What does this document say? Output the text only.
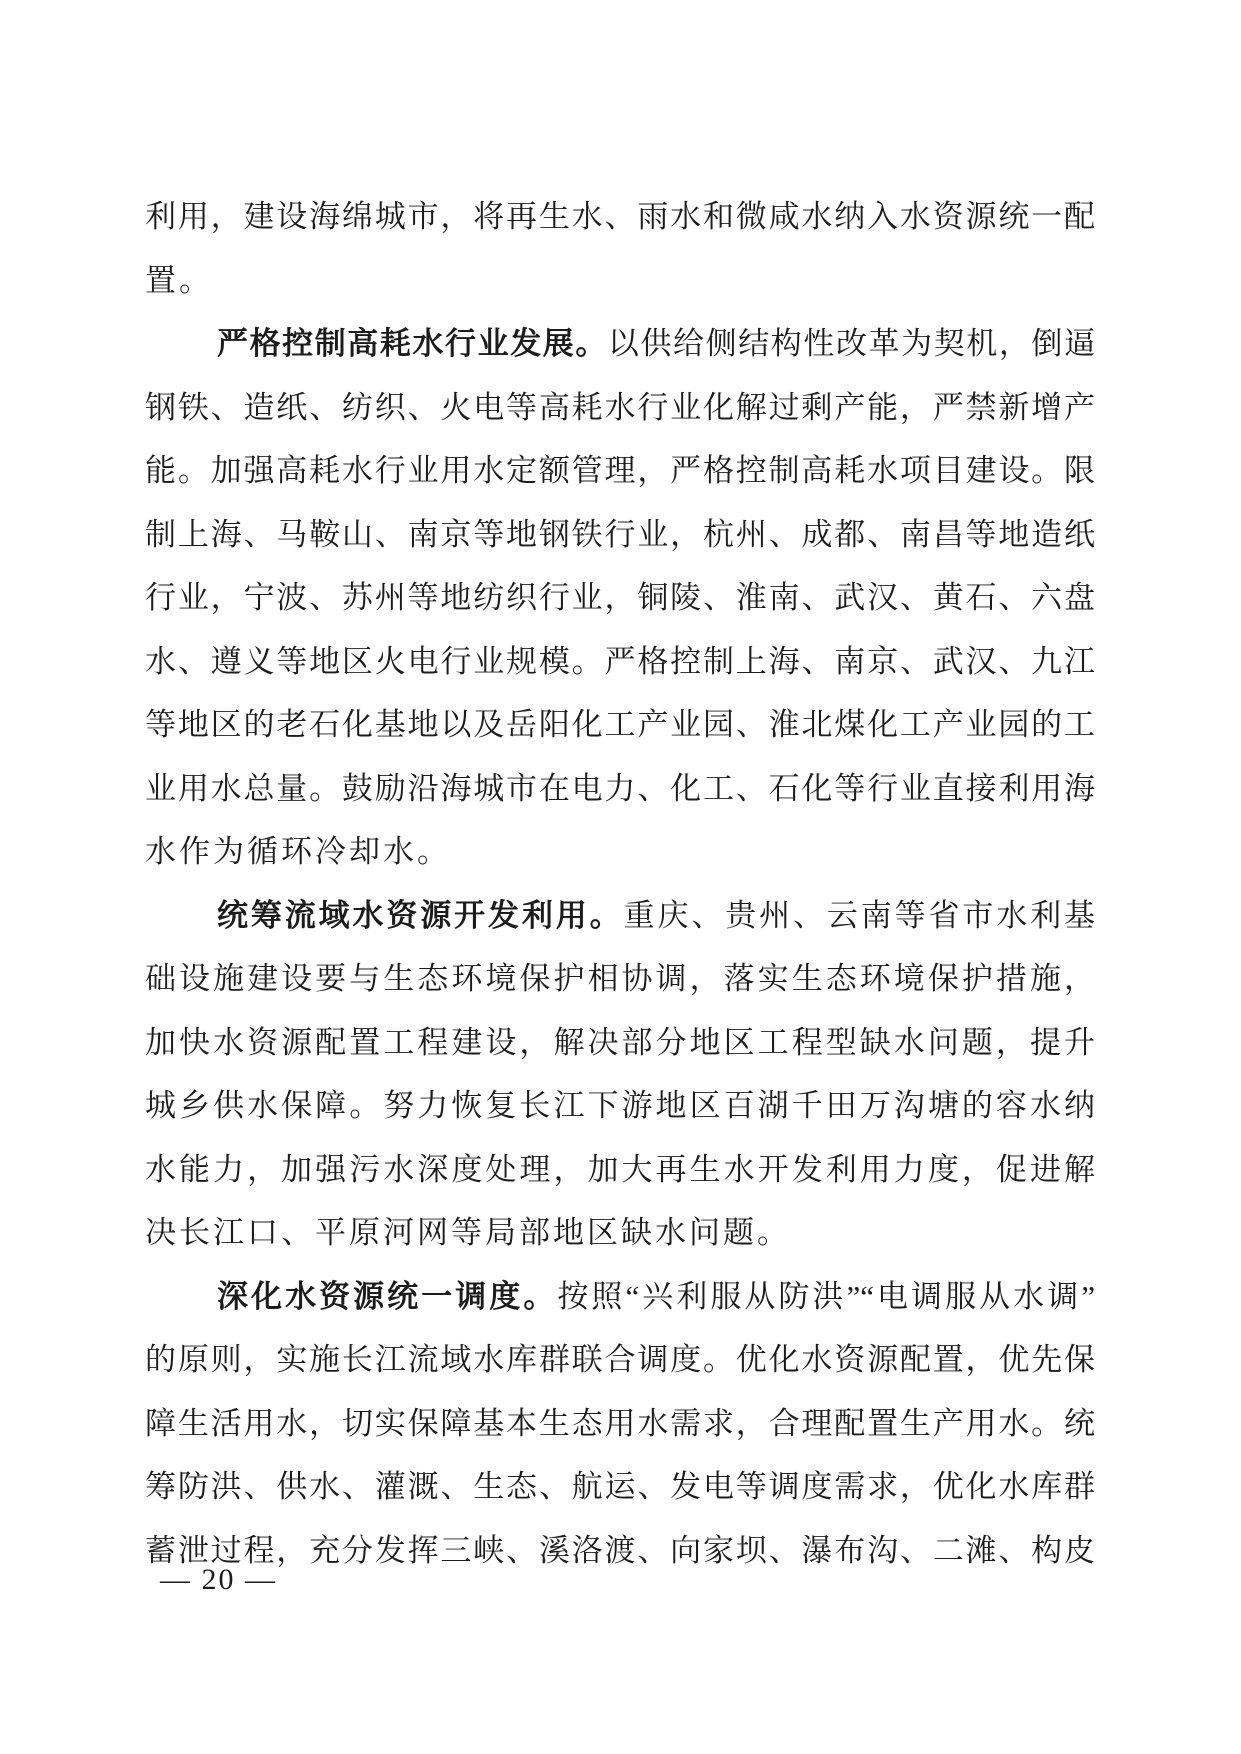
利用，建设海绵城市，将再生水、雨水和微咸水纳入水资源统一配
置。
严格控制高耗水行业发展。以供给侧结构性改革为契机，倒逼
钢铁、造纸、纺织、火电等高耗水行业化解过剩产能，严禁新增产
能。加强高耗水行业用水定额管理，严格控制高耗水项目建设。限
制上海、马鞍山、南京等地钢铁行业，杭州、成都、南昌等地造纸
行业，宁波、苏州等地纺织行业，铜陵、淮南、武汉、黄石、六盘
水、遵义等地区火电行业规模。严格控制上海、南京、武汉、九江
等地区的老石化基地以及岳阳化工产业园、淮北煤化工产业园的工
业用水总量。鼓励沿海城市在电力、化工、石化等行业直接利用海
水作为循环冷却水。
统筹流域水资源开发利用。重庆、贵州、云南等省市水利基
础设施建设要与生态环境保护相协调，落实生态环境保护措施，
加快水资源配置工程建设，解决部分地区工程型缺水问题，提升
城乡供水保障。努力恢复长江下游地区百湖千田万沟塘的容水纳
水能力，加强污水深度处理，加大再生水开发利用力度，促进解
决长江口、平原河网等局部地区缺水问题。
深化水资源统一调度。按照“兴利服从防洪”“电调服从水调”
的原则，实施长江流域水库群联合调度。优化水资源配置，优先保
障生活用水，切实保障基本生态用水需求，合理配置生产用水。统
筹防洪、供水、灌溉、生态、航运、发电等调度需求，优化水库群
蓄泄过程，充分发挥三峡、溪洛渡、向家坝、瀑布沟、二滩、构皮
— 20 —
